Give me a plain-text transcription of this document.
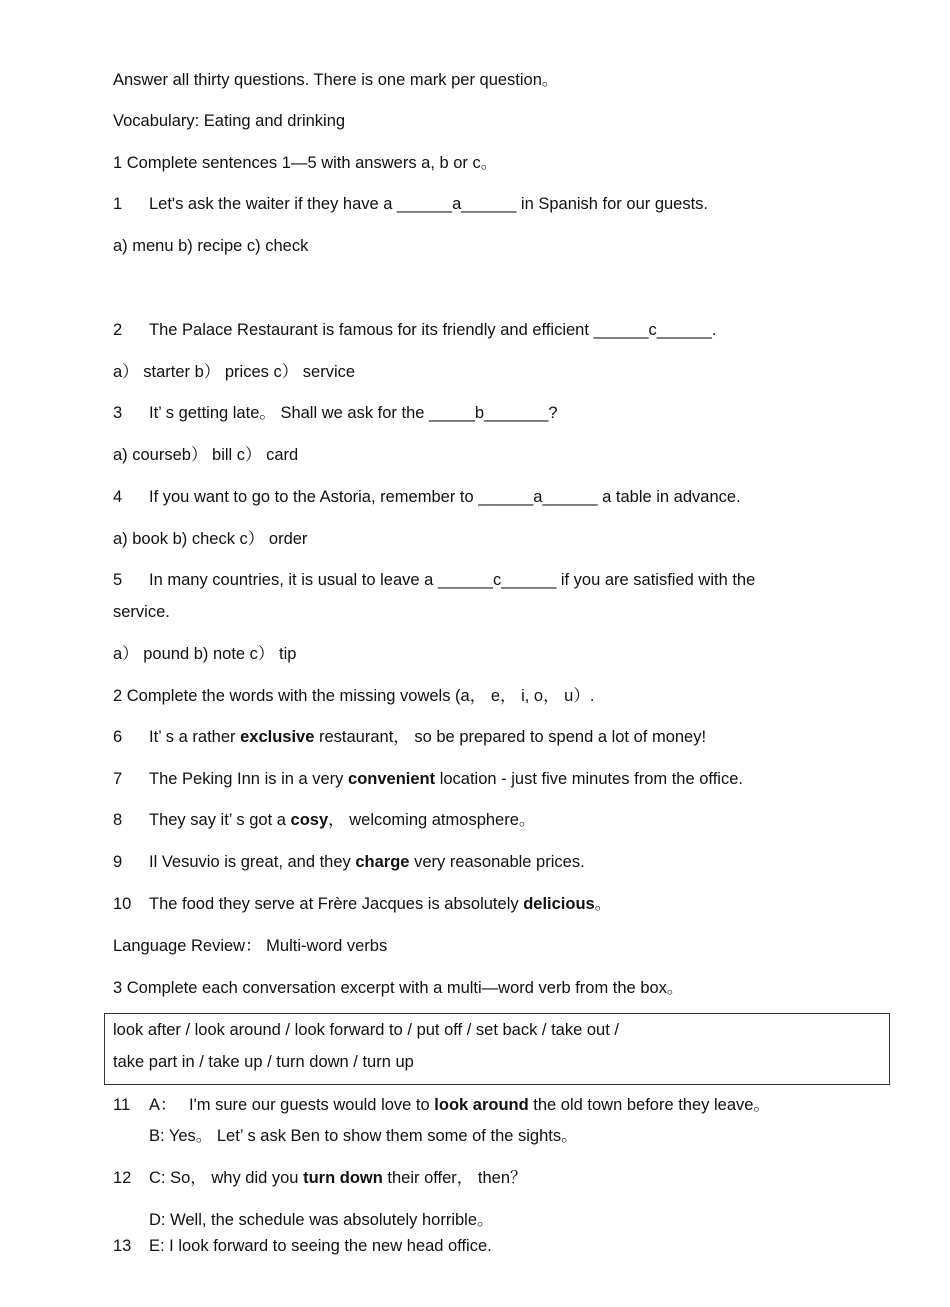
Answer all thirty questions. There is one mark per question。
Vocabulary: Eating and drinking
1 Complete sentences 1—5 with answers a, b or c。
1 Let's ask the waiter if they have a ______a______ in Spanish for our guests.
a) menu b) recipe c) check
2 The Palace Restaurant is famous for its friendly and efficient ______c______.
a） starter b） prices c） service
3 It’ s getting late。 Shall we ask for the _____b_______?
a) courseb） bill c） card
4 If you want to go to the Astoria, remember to ______a______ a table in advance.
a) book b) check c） order
5 In many countries, it is usual to leave a ______c______ if you are satisfied with the
service.
a） pound b) note c） tip
2 Complete the words with the missing vowels (a， e， i, o， u）.
6 It’ s a rather exclusive restaurant， so be prepared to spend a lot of money!
7 The Peking Inn is in a very convenient location - just five minutes from the office.
8 They say it’ s got a cosy， welcoming atmosphere。
9 Il Vesuvio is great, and they charge very reasonable prices.
10 The food they serve at Frère Jacques is absolutely delicious。
Language Review： Multi-word verbs
3 Complete each conversation excerpt with a multi—word verb from the box。
look after / look around / look forward to / put off / set back / take out /
take part in / take up / turn down / turn up
11 A： I'm sure our guests would love to look around the old town before they leave。
B: Yes。 Let’ s ask Ben to show them some of the sights。
12 C: So， why did you turn down their offer， then？
D: Well, the schedule was absolutely horrible。
13 E: I look forward to seeing the new head office.
